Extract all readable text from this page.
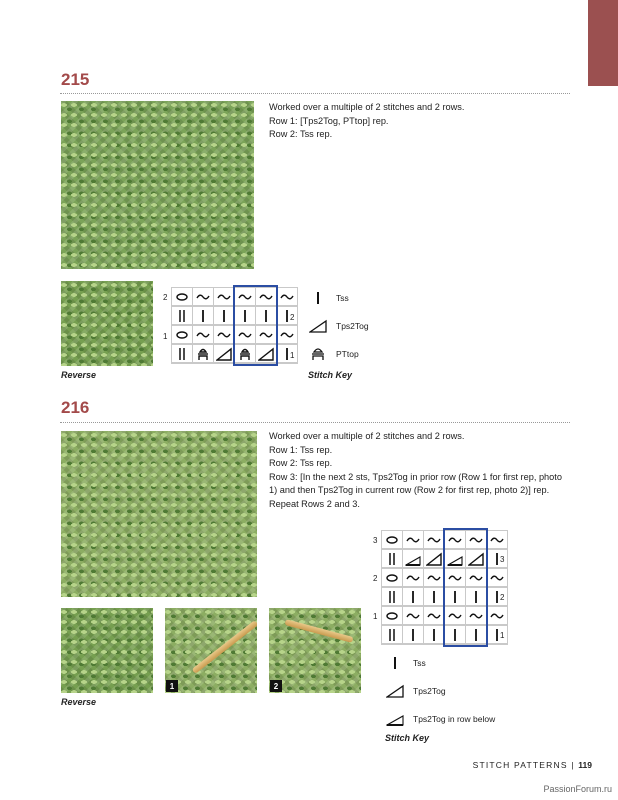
215

Worked over a multiple of 2 stitches and 2 rows.

Row 1: [Tps2Tog, PTtop] rep.

Row 2: Tss rep.

Reverse
2
1
2
1
Tss
Tps2Tog
PTtop
Stitch Key
216

Worked over a multiple of 2 stitches and 2 rows.

Row 1: Tss rep.

Row 2: Tss rep.

Row 3: [In the next 2 sts, Tps2Tog in prior row (Row 1 for first rep, photo 1) and then Tps2Tog in current row (Row 2 for first rep, photo 2)] rep.

Repeat Rows 2 and 3.

Reverse
1	2
3
2
1
3
2
1
Tss
Tps2Tog
Tps2Tog in row below
Stitch Key
STITCH PATTERNS | 119
PassionForum.ru
